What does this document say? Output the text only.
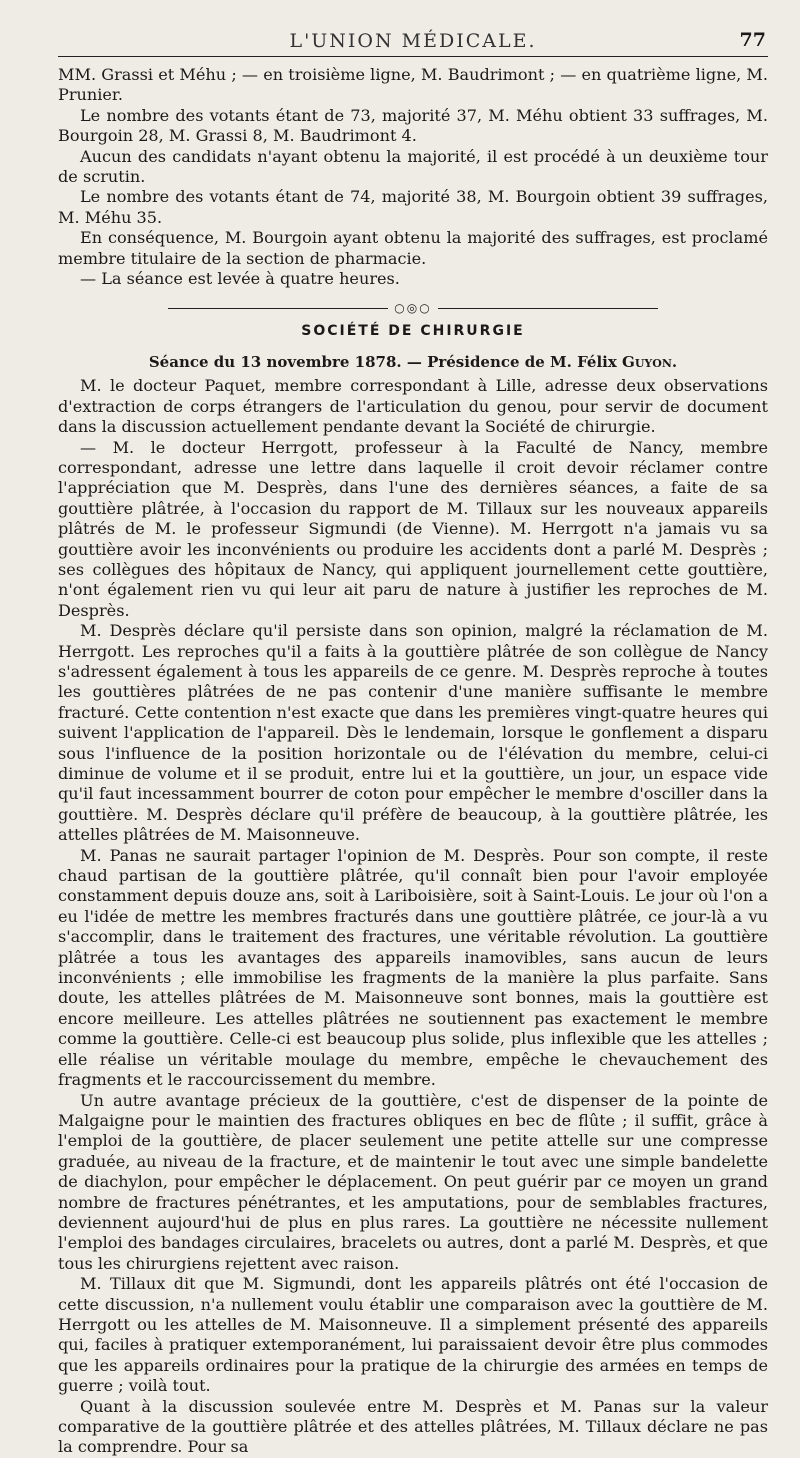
L'UNION MÉDICALE.	77

MM. Grassi et Méhu ; — en troisième ligne, M. Baudrimont ; — en quatrième ligne, M. Prunier.

Le nombre des votants étant de 73, majorité 37, M. Méhu obtient 33 suffrages, M. Bourgoin 28, M. Grassi 8, M. Baudrimont 4.

Aucun des candidats n'ayant obtenu la majorité, il est procédé à un deuxième tour de scrutin.

Le nombre des votants étant de 74, majorité 38, M. Bourgoin obtient 39 suffrages, M. Méhu 35.

En conséquence, M. Bourgoin ayant obtenu la majorité des suffrages, est proclamé membre titulaire de la section de pharmacie.

— La séance est levée à quatre heures.

○◎○
SOCIÉTÉ DE CHIRURGIE
Séance du 13 novembre 1878. — Présidence de M. Félix Guyon.

M. le docteur Paquet, membre correspondant à Lille, adresse deux observations d'extraction de corps étrangers de l'articulation du genou, pour servir de document dans la discussion actuellement pendante devant la Société de chirurgie.

— M. le docteur Herrgott, professeur à la Faculté de Nancy, membre correspondant, adresse une lettre dans laquelle il croit devoir réclamer contre l'appréciation que M. Desprès, dans l'une des dernières séances, a faite de sa gouttière plâtrée, à l'occasion du rapport de M. Tillaux sur les nouveaux appareils plâtrés de M. le professeur Sigmundi (de Vienne). M. Herrgott n'a jamais vu sa gouttière avoir les inconvénients ou produire les accidents dont a parlé M. Desprès ; ses collègues des hôpitaux de Nancy, qui appliquent journellement cette gouttière, n'ont également rien vu qui leur ait paru de nature à justifier les reproches de M. Desprès.

M. Desprès déclare qu'il persiste dans son opinion, malgré la réclamation de M. Herrgott. Les reproches qu'il a faits à la gouttière plâtrée de son collègue de Nancy s'adressent également à tous les appareils de ce genre. M. Desprès reproche à toutes les gouttières plâtrées de ne pas contenir d'une manière suffisante le membre fracturé. Cette contention n'est exacte que dans les premières vingt-quatre heures qui suivent l'application de l'appareil. Dès le lendemain, lorsque le gonflement a disparu sous l'influence de la position horizontale ou de l'élévation du membre, celui-ci diminue de volume et il se produit, entre lui et la gouttière, un jour, un espace vide qu'il faut incessamment bourrer de coton pour empêcher le membre d'osciller dans la gouttière. M. Desprès déclare qu'il préfère de beaucoup, à la gouttière plâtrée, les attelles plâtrées de M. Maisonneuve.

M. Panas ne saurait partager l'opinion de M. Desprès. Pour son compte, il reste chaud partisan de la gouttière plâtrée, qu'il connaît bien pour l'avoir employée constamment depuis douze ans, soit à Lariboisière, soit à Saint-Louis. Le jour où l'on a eu l'idée de mettre les membres fracturés dans une gouttière plâtrée, ce jour-là a vu s'accomplir, dans le traitement des fractures, une véritable révolution. La gouttière plâtrée a tous les avantages des appareils inamovibles, sans aucun de leurs inconvénients ; elle immobilise les fragments de la manière la plus parfaite. Sans doute, les attelles plâtrées de M. Maisonneuve sont bonnes, mais la gouttière est encore meilleure. Les attelles plâtrées ne soutiennent pas exactement le membre comme la gouttière. Celle-ci est beaucoup plus solide, plus inflexible que les attelles ; elle réalise un véritable moulage du membre, empêche le chevauchement des fragments et le raccourcissement du membre.

Un autre avantage précieux de la gouttière, c'est de dispenser de la pointe de Malgaigne pour le maintien des fractures obliques en bec de flûte ; il suffit, grâce à l'emploi de la gouttière, de placer seulement une petite attelle sur une compresse graduée, au niveau de la fracture, et de maintenir le tout avec une simple bandelette de diachylon, pour empêcher le déplacement. On peut guérir par ce moyen un grand nombre de fractures pénétrantes, et les amputations, pour de semblables fractures, deviennent aujourd'hui de plus en plus rares. La gouttière ne nécessite nullement l'emploi des bandages circulaires, bracelets ou autres, dont a parlé M. Desprès, et que tous les chirurgiens rejettent avec raison.

M. Tillaux dit que M. Sigmundi, dont les appareils plâtrés ont été l'occasion de cette discussion, n'a nullement voulu établir une comparaison avec la gouttière de M. Herrgott ou les attelles de M. Maisonneuve. Il a simplement présenté des appareils qui, faciles à pratiquer extemporanément, lui paraissaient devoir être plus commodes que les appareils ordinaires pour la pratique de la chirurgie des armées en temps de guerre ; voilà tout.

Quant à la discussion soulevée entre M. Desprès et M. Panas sur la valeur comparative de la gouttière plâtrée et des attelles plâtrées, M. Tillaux déclare ne pas la comprendre. Pour sa
